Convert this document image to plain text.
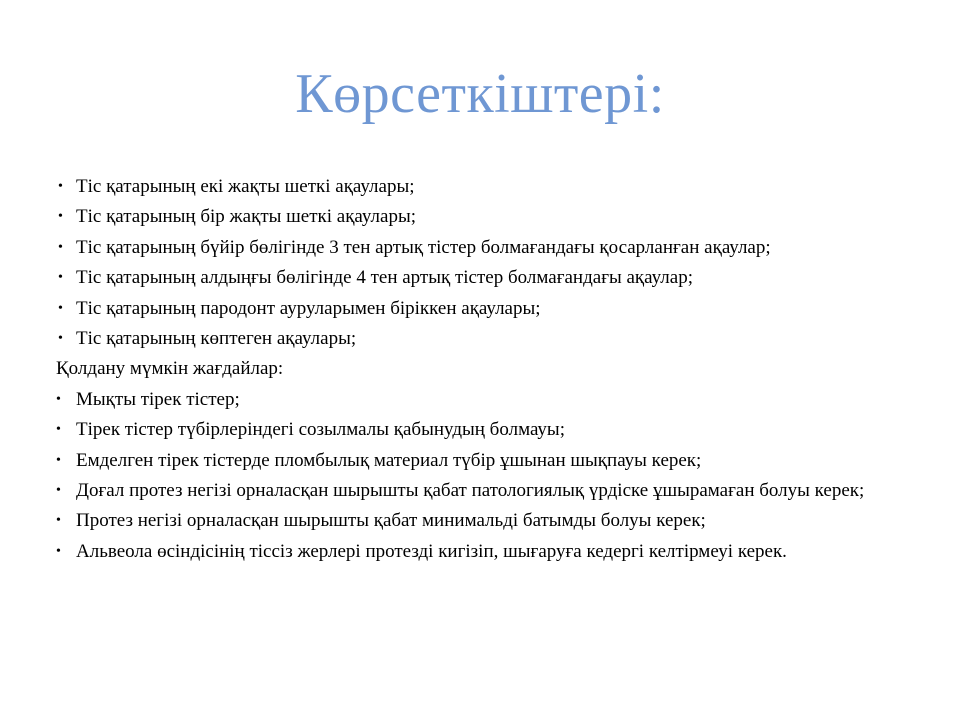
Көрсеткіштері:
• Тіс қатарының екі жақты шеткі ақаулары;
• Тіс қатарының бір жақты шеткі ақаулары;
• Тіс қатарының бүйір бөлігінде 3 тен артық тістер болмағандағы қосарланған ақаулар;
• Тіс қатарының алдыңғы бөлігінде 4 тен артық тістер болмағандағы ақаулар;
• Тіс қатарының пародонт ауруларымен біріккен ақаулары;
• Тіс қатарының көптеген ақаулары;
Қолдану мүмкін жағдайлар:
• Мықты тірек тістер;
• Тірек тістер түбірлеріндегі созылмалы қабынудың болмауы;
• Емделген тірек тістерде пломбылық материал түбір ұшынан шықпауы керек;
• Доғал протез негізі орналасқан шырышты қабат патологиялық үрдіске ұшырамаған болуы керек;
• Протез негізі орналасқан шырышты қабат минимальді батымды болуы керек;
• Альвеола өсіндісінің тіссіз жерлері протезді кигізіп, шығаруға кедергі келтірмеуі керек.
